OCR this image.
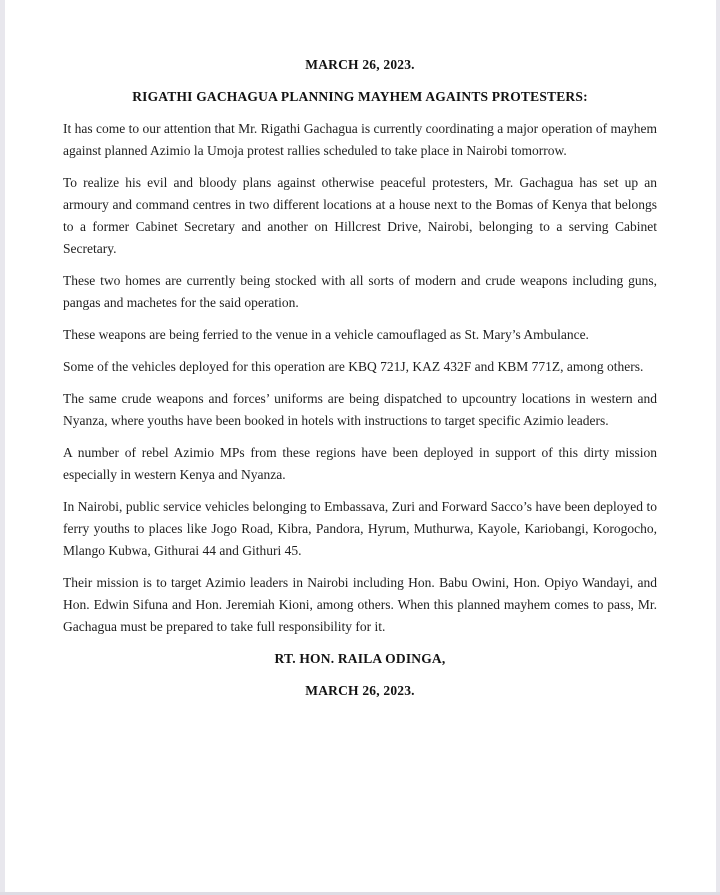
MARCH 26, 2023.
RIGATHI GACHAGUA PLANNING MAYHEM AGAINTS PROTESTERS:

It has come to our attention that Mr. Rigathi Gachagua is currently coordinating a major operation of mayhem against planned Azimio la Umoja protest rallies scheduled to take place in Nairobi tomorrow.

To realize his evil and bloody plans against otherwise peaceful protesters, Mr. Gachagua has set up an armoury and command centres in two different locations at a house next to the Bomas of Kenya that belongs to a former Cabinet Secretary and another on Hillcrest Drive, Nairobi, belonging to a serving Cabinet Secretary.

These two homes are currently being stocked with all sorts of modern and crude weapons including guns, pangas and machetes for the said operation.

These weapons are being ferried to the venue in a vehicle camouflaged as St. Mary’s Ambulance.

Some of the vehicles deployed for this operation are KBQ 721J, KAZ 432F and KBM 771Z, among others.

The same crude weapons and forces’ uniforms are being dispatched to upcountry locations in western and Nyanza, where youths have been booked in hotels with instructions to target specific Azimio leaders.

A number of rebel Azimio MPs from these regions have been deployed in support of this dirty mission especially in western Kenya and Nyanza.

In Nairobi, public service vehicles belonging to Embassava, Zuri and Forward Sacco’s have been deployed to ferry youths to places like Jogo Road, Kibra, Pandora, Hyrum, Muthurwa, Kayole, Kariobangi, Korogocho, Mlango Kubwa, Githurai 44 and Githuri 45.

Their mission is to target Azimio leaders in Nairobi including Hon. Babu Owini, Hon. Opiyo Wandayi, and Hon. Edwin Sifuna and Hon. Jeremiah Kioni, among others. When this planned mayhem comes to pass, Mr. Gachagua must be prepared to take full responsibility for it.

RT. HON. RAILA ODINGA,
MARCH 26, 2023.
